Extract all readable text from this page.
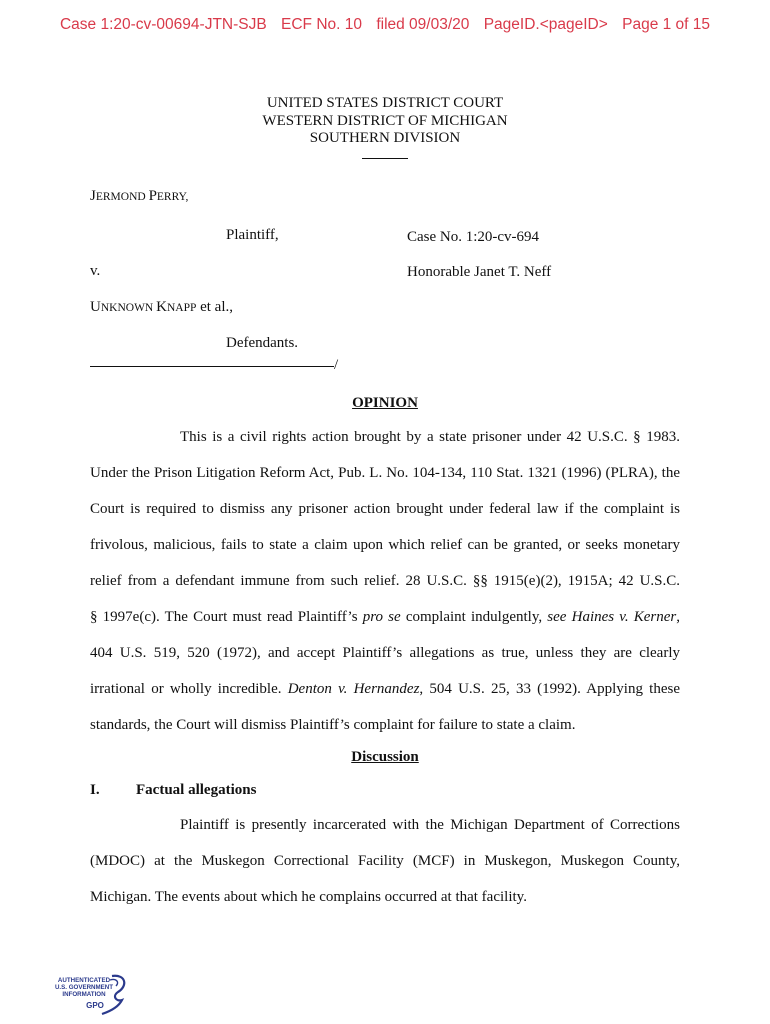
Case 1:20-cv-00694-JTN-SJB ECF No. 10 filed 09/03/20 PageID.<pageID> Page 1 of 15
UNITED STATES DISTRICT COURT
WESTERN DISTRICT OF MICHIGAN
SOUTHERN DIVISION
JERMOND PERRY,
Plaintiff,	Case No. 1:20-cv-694
v.	Honorable Janet T. Neff
UNKNOWN KNAPP et al.,
Defendants.
/
OPINION
This is a civil rights action brought by a state prisoner under 42 U.S.C. § 1983.
Under the Prison Litigation Reform Act, Pub. L. No. 104-134, 110 Stat. 1321 (1996) (PLRA), the
Court is required to dismiss any prisoner action brought under federal law if the complaint is
frivolous, malicious, fails to state a claim upon which relief can be granted, or seeks monetary
relief from a defendant immune from such relief. 28 U.S.C. §§ 1915(e)(2), 1915A; 42 U.S.C.
§ 1997e(c). The Court must read Plaintiff’s pro se complaint indulgently, see Haines v. Kerner,
404 U.S. 519, 520 (1972), and accept Plaintiff’s allegations as true, unless they are clearly
irrational or wholly incredible. Denton v. Hernandez, 504 U.S. 25, 33 (1992). Applying these
standards, the Court will dismiss Plaintiff’s complaint for failure to state a claim.
Discussion
I. Factual allegations
Plaintiff is presently incarcerated with the Michigan Department of Corrections
(MDOC) at the Muskegon Correctional Facility (MCF) in Muskegon, Muskegon County,
Michigan. The events about which he complains occurred at that facility.
AUTHENTICATED
U.S. GOVERNMENT
INFORMATION
GPO
